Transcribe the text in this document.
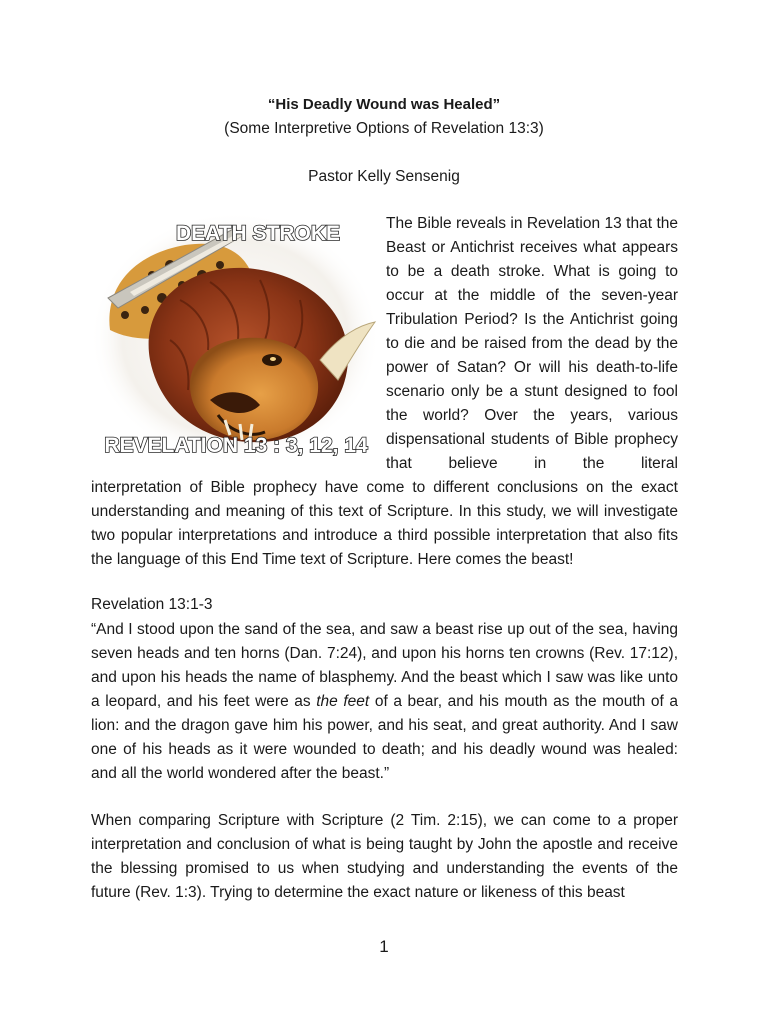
“His Deadly Wound was Healed”
(Some Interpretive Options of Revelation 13:3)
Pastor Kelly Sensenig
DEATH STROKE
REVELATION 13 : 3, 12, 14

The Bible reveals in Revelation 13 that the Beast or Antichrist receives what appears to be a death stroke. What is going to occur at the middle of the seven-year Tribulation Period? Is the Antichrist going to die and be raised from the dead by the power of Satan? Or will his death-to-life scenario only be a stunt designed to fool the world? Over the years, various dispensational students of Bible prophecy that believe in the literal

interpretation of Bible prophecy have come to different conclusions on the exact understanding and meaning of this text of Scripture. In this study, we will investigate two popular interpretations and introduce a third possible interpretation that also fits the language of this End Time text of Scripture. Here comes the beast!

Revelation 13:1-3

“And I stood upon the sand of the sea, and saw a beast rise up out of the sea, having seven heads and ten horns (Dan. 7:24), and upon his horns ten crowns (Rev. 17:12), and upon his heads the name of blasphemy. And the beast which I saw was like unto a leopard, and his feet were as the feet of a bear, and his mouth as the mouth of a lion: and the dragon gave him his power, and his seat, and great authority. And I saw one of his heads as it were wounded to death; and his deadly wound was healed: and all the world wondered after the beast.”

When comparing Scripture with Scripture (2 Tim. 2:15), we can come to a proper interpretation and conclusion of what is being taught by John the apostle and receive the blessing promised to us when studying and understanding the events of the future (Rev. 1:3). Trying to determine the exact nature or likeness of this beast

1
